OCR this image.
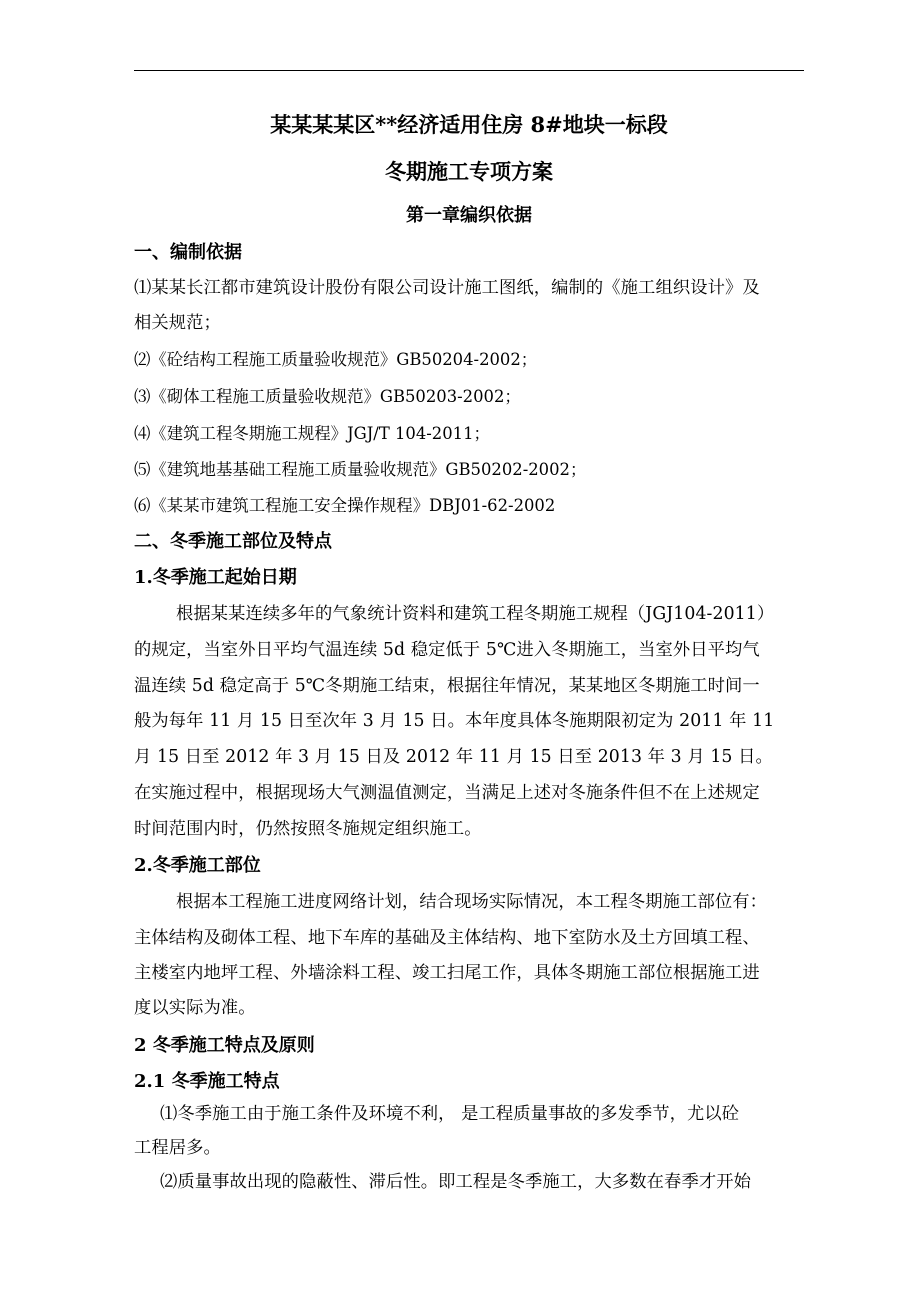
某某某某区**经济适用住房 8#地块一标段
冬期施工专项方案
第一章编织依据
一、编制依据
⑴某某长江都市建筑设计股份有限公司设计施工图纸，编制的《施工组织设计》及
相关规范；
⑵《砼结构工程施工质量验收规范》GB50204-2002；
⑶《砌体工程施工质量验收规范》GB50203-2002；
⑷《建筑工程冬期施工规程》JGJ/T 104-2011；
⑸《建筑地基基础工程施工质量验收规范》GB50202-2002；
⑹《某某市建筑工程施工安全操作规程》DBJ01-62-2002
二、冬季施工部位及特点
1.冬季施工起始日期
根据某某连续多年的气象统计资料和建筑工程冬期施工规程（JGJ104-2011）
的规定，当室外日平均气温连续 5d 稳定低于 5℃进入冬期施工，当室外日平均气
温连续 5d 稳定高于 5℃冬期施工结束，根据往年情况，某某地区冬期施工时间一
般为每年 11 月 15 日至次年 3 月 15 日。本年度具体冬施期限初定为 2011 年 11
月 15 日至 2012 年 3 月 15 日及 2012 年 11 月 15 日至 2013 年 3 月 15 日。
在实施过程中，根据现场大气测温值测定，当满足上述对冬施条件但不在上述规定
时间范围内时，仍然按照冬施规定组织施工。
2.冬季施工部位
根据本工程施工进度网络计划，结合现场实际情况，本工程冬期施工部位有：
主体结构及砌体工程、地下车库的基础及主体结构、地下室防水及土方回填工程、
主楼室内地坪工程、外墙涂料工程、竣工扫尾工作，具体冬期施工部位根据施工进
度以实际为准。
2 冬季施工特点及原则
2.1 冬季施工特点
⑴冬季施工由于施工条件及环境不利， 是工程质量事故的多发季节，尤以砼
工程居多。
⑵质量事故出现的隐蔽性、滞后性。即工程是冬季施工，大多数在春季才开始
